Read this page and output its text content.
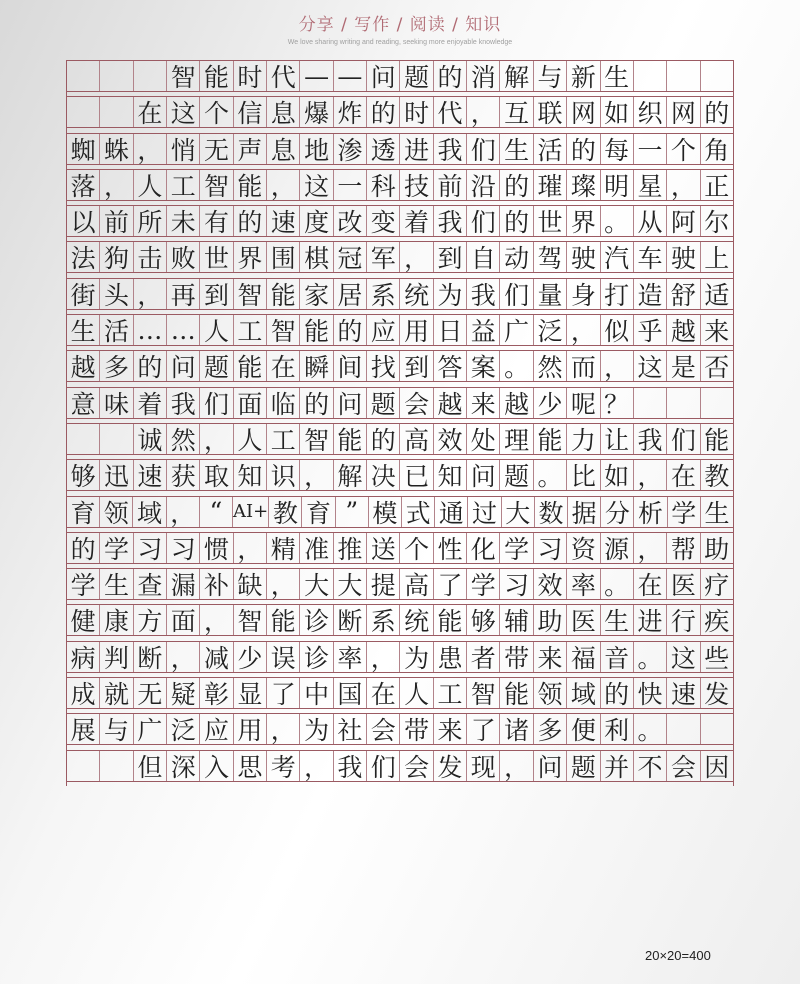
分享 / 写作 / 阅读 / 知识
We love sharing writing and reading, seeking more enjoyable knowledge
智 能 时 代 — — 问 题 的 消 解 与 新 生
在 这 个 信 息 爆 炸 的 时 代 ， 互 联 网 如 织 网 的
蜘 蛛 ， 悄 无 声 息 地 渗 透 进 我 们 生 活 的 每 一 个 角
落 ， 人 工 智 能 ， 这 一 科 技 前 沿 的 璀 璨 明 星 ， 正
以 前 所 未 有 的 速 度 改 变 着 我 们 的 世 界 。 从 阿 尔
法 狗 击 败 世 界 围 棋 冠 军 ， 到 自 动 驾 驶 汽 车 驶 上
街 头 ， 再 到 智 能 家 居 系 统 为 我 们 量 身 打 造 舒 适
生 活 … … 人 工 智 能 的 应 用 日 益 广 泛 ， 似 乎 越 来
越 多 的 问 题 能 在 瞬 间 找 到 答 案 。 然 而 ， 这 是 否
意 味 着 我 们 面 临 的 问 题 会 越 来 越 少 呢 ？
诚 然 ， 人 工 智 能 的 高 效 处 理 能 力 让 我 们 能
够 迅 速 获 取 知 识 ， 解 决 已 知 问 题 。 比 如 ， 在 教
育 领 域 ， “ AI + 教 育 ” 模 式 通 过 大 数 据 分 析 学 生
的 学 习 习 惯 ， 精 准 推 送 个 性 化 学 习 资 源 ， 帮 助
学 生 查 漏 补 缺 ， 大 大 提 高 了 学 习 效 率 。 在 医 疗
健 康 方 面 ， 智 能 诊 断 系 统 能 够 辅 助 医 生 进 行 疾
病 判 断 ， 减 少 误 诊 率 ， 为 患 者 带 来 福 音 。 这 些
成 就 无 疑 彰 显 了 中 国 在 人 工 智 能 领 域 的 快 速 发
展 与 广 泛 应 用 ， 为 社 会 带 来 了 诸 多 便 利 。
但 深 入 思 考 ， 我 们 会 发 现 ， 问 题 并 不 会 因
20×20=400
